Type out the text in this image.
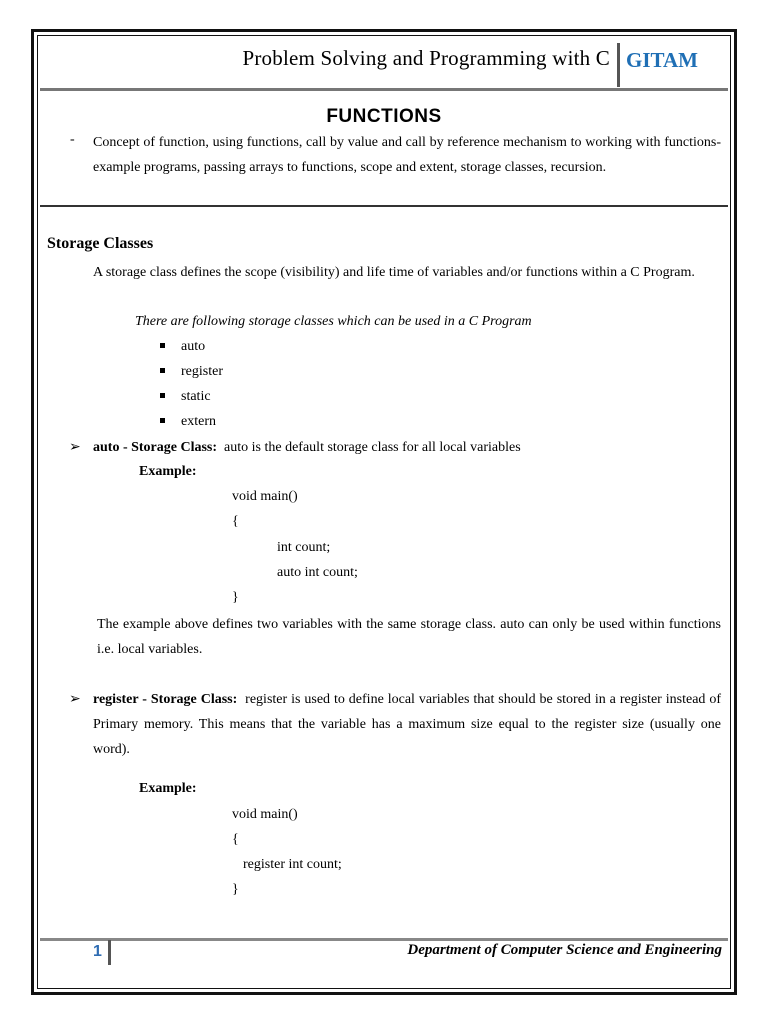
Problem Solving and Programming with C GITAM
FUNCTIONS
- Concept of function, using functions, call by value and call by reference mechanism to working with functions-example programs, passing arrays to functions, scope and extent, storage classes, recursion.
Storage Classes
A storage class defines the scope (visibility) and life time of variables and/or functions within a C Program.
There are following storage classes which can be used in a C Program
auto
register
static
extern
➢ auto - Storage Class: auto is the default storage class for all local variables
Example:
void main()
{
int count;
auto int count;
}
The example above defines two variables with the same storage class. auto can only be used within functions i.e. local variables.
➢ register - Storage Class: register is used to define local variables that should be stored in a register instead of Primary memory. This means that the variable has a maximum size equal to the register size (usually one word).
Example:
void main()
{
register int count;
}
1	Department of Computer Science and Engineering
